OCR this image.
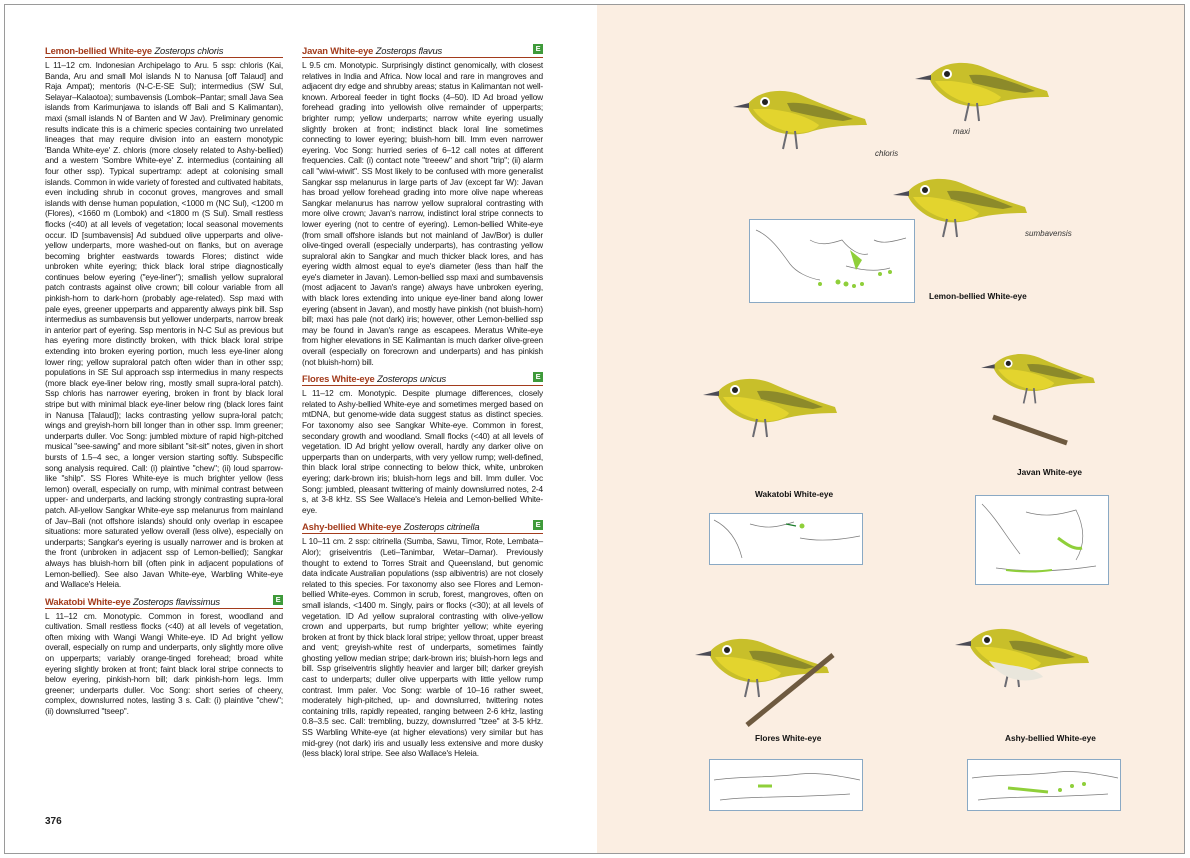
Lemon-bellied White-eye Zosterops chloris

L 11–12 cm. Indonesian Archipelago to Aru. 5 ssp: chloris (Kai, Banda, Aru and small Mol islands N to Nanusa [off Talaud] and Raja Ampat); mentoris (N-C-E-SE Sul); intermedius (SW Sul, Selayar–Kalaotoa); sumbavensis (Lombok–Pantar; small Java Sea islands from Karimunjawa to islands off Bali and S Kalimantan), maxi (small islands N of Banten and W Jav). Preliminary genomic results indicate this is a chimeric species containing two unrelated lineages that may require division into an eastern monotypic 'Banda White-eye' Z. chloris (more closely related to Ashy-bellied) and a western 'Sombre White-eye' Z. intermedius (containing all four other ssp). Typical supertramp: adept at colonising small islands. Common in wide variety of forested and cultivated habitats, even including shrub in coconut groves, mangroves and small islands with dense human population, <1000 m (NC Sul), <1200 m (Flores), <1660 m (Lombok) and <1800 m (S Sul). Small restless flocks (<40) at all levels of vegetation; local seasonal movements occur. ID [sumbavensis] Ad subdued olive upperparts and olive-yellow underparts, more washed-out on flanks, but on average becoming brighter eastwards towards Flores; distinct wide unbroken white eyering; thick black loral stripe diagnostically continues below eyering ("eye-liner"); smallish yellow supraloral patch contrasts against olive crown; bill colour variable from all pinkish-horn to dark-horn (probably age-related). Ssp maxi with pale eyes, greener upperparts and apparently always pink bill. Ssp intermedius as sumbavensis but yellower underparts, narrow break in anterior part of eyering. Ssp mentoris in N-C Sul as previous but has eyering more distinctly broken, with thick black loral stripe extending into broken eyering portion, much less eye-liner along lower ring; yellow supraloral patch often wider than in other ssp; populations in SE Sul approach ssp intermedius in many respects (more black eye-liner below ring, mostly small supra-loral patch). Ssp chloris has narrower eyering, broken in front by black loral stripe but with minimal black eye-liner below ring (black lores faint in Nanusa [Talaud]); lacks contrasting yellow supra-loral patch; wings and greyish-horn bill longer than in other ssp. Imm greener; underparts duller. Voc Song: jumbled mixture of rapid high-pitched musical "see-sawing" and more sibilant "sit-sit" notes, given in short bursts of 1.5–4 sec, a longer version starting softly. Subspecific song analysis required. Call: (i) plaintive "chew"; (ii) loud sparrow-like "shilp". SS Flores White-eye is much brighter yellow (less lemon) overall, especially on rump, with minimal contrast between upper- and underparts, and lacking strongly contrasting supra-loral patch. All-yellow Sangkar White-eye ssp melanurus from mainland of Jav–Bali (not offshore islands) should only overlap in escapee situations: more saturated yellow overall (less olive), especially on underparts; Sangkar's eyering is usually narrower and is broken at the front (unbroken in adjacent ssp of Lemon-bellied); Sangkar always has bluish-horn bill (often pink in adjacent populations of Lemon-bellied). See also Javan White-eye, Warbling White-eye and Wallace's Heleia.

Wakatobi White-eye Zosterops flavissimus	E

L 11–12 cm. Monotypic. Common in forest, woodland and cultivation. Small restless flocks (<40) at all levels of vegetation, often mixing with Wangi Wangi White-eye. ID Ad bright yellow overall, especially on rump and underparts, only slightly more olive on upperparts; variably orange-tinged forehead; broad white eyering slightly broken at front; faint black loral stripe connects to below eyering, pinkish-horn bill; dark pinkish-horn legs. Imm greener; underparts duller. Voc Song: short series of cheery, complex, downslurred notes, lasting 3 s. Call: (i) plaintive "chew"; (ii) downslurred "tseep".

Javan White-eye Zosterops flavus	E

L 9.5 cm. Monotypic. Surprisingly distinct genomically, with closest relatives in India and Africa. Now local and rare in mangroves and adjacent dry edge and shrubby areas; status in Kalimantan not well-known. Arboreal feeder in tight flocks (4–50). ID Ad broad yellow forehead grading into yellowish olive remainder of upperparts; brighter rump; yellow underparts; narrow white eyering usually slightly broken at front; indistinct black loral line sometimes connecting to lower eyering; bluish-horn bill. Imm even narrower eyering. Voc Song: hurried series of 6–12 call notes at different frequencies. Call: (i) contact note "treeew" and short "trip"; (ii) alarm call "wiwi-wiwit". SS Most likely to be confused with more generalist Sangkar ssp melanurus in large parts of Jav (except far W): Javan has broad yellow forehead grading into more olive nape whereas Sangkar melanurus has narrow yellow supraloral contrasting with more olive crown; Javan's narrow, indistinct loral stripe connects to lower eyering (not to centre of eyering). Lemon-bellied White-eye (from small offshore islands but not mainland of Jav/Bor) is duller olive-tinged overall (especially underparts), has contrasting yellow supraloral akin to Sangkar and much thicker black lores, and has eyering width almost equal to eye's diameter (less than half the eye's diameter in Javan). Lemon-bellied ssp maxi and sumbavensis (most adjacent to Javan's range) always have unbroken eyering, with black lores extending into unique eye-liner band along lower eyering (absent in Javan), and mostly have pinkish (not bluish-horn) bill; maxi has pale (not dark) iris; however, other Lemon-bellied ssp may be found in Javan's range as escapees. Meratus White-eye from higher elevations in SE Kalimantan is much darker olive-green overall (especially on forecrown and underparts) and has pinkish (not bluish-horn) bill.

Flores White-eye Zosterops unicus	E

L 11–12 cm. Monotypic. Despite plumage differences, closely related to Ashy-bellied White-eye and sometimes merged based on mtDNA, but genome-wide data suggest status as distinct species. For taxonomy also see Sangkar White-eye. Common in forest, secondary growth and woodland. Small flocks (<40) at all levels of vegetation. ID Ad bright yellow overall, hardly any darker olive on upperparts than on underparts, with very yellow rump; well-defined, thin black loral stripe connecting to below thick, white, unbroken eyering; dark-brown iris; bluish-horn legs and bill. Imm duller. Voc Song: jumbled, pleasant twittering of mainly downslurred notes, 2-4 s, at 3-8 kHz. SS See Wallace's Heleia and Lemon-bellied White-eye.

Ashy-bellied White-eye Zosterops citrinella	E

L 10–11 cm. 2 ssp: citrinella (Sumba, Sawu, Timor, Rote, Lembata–Alor); griseiventris (Leti–Tanimbar, Wetar–Damar). Previously thought to extend to Torres Strait and Queensland, but genomic data indicate Australian populations (ssp albiventris) are not closely related to this species. For taxonomy also see Flores and Lemon-bellied White-eyes. Common in scrub, forest, mangroves, often on small islands, <1400 m. Singly, pairs or flocks (<30); at all levels of vegetation. ID Ad yellow supraloral contrasting with olive-yellow crown and upperparts, but rump brighter yellow; white eyering broken at front by thick black loral stripe; yellow throat, upper breast and vent; greyish-white rest of underparts, sometimes faintly ghosting yellow median stripe; dark-brown iris; bluish-horn legs and bill. Ssp griseiventris slightly heavier and larger bill; darker greyish cast to underparts; duller olive upperparts with little yellow rump contrast. Imm paler. Voc Song: warble of 10–16 rather sweet, moderately high-pitched, up- and downslurred, twittering notes containing trills, rapidly repeated, ranging between 2-6 kHz, lasting 0.8–3.5 sec. Call: trembling, buzzy, downslurred "tzee" at 3-5 kHz. SS Warbling White-eye (at higher elevations) very similar but has mid-grey (not dark) iris and usually less extensive and more dusky (less black) loral stripe. See also Wallace's Heleia.

376
chloris
maxi
sumbavensis
Lemon-bellied White-eye
Wakatobi White-eye
Javan White-eye
Flores White-eye	Ashy-bellied White-eye
